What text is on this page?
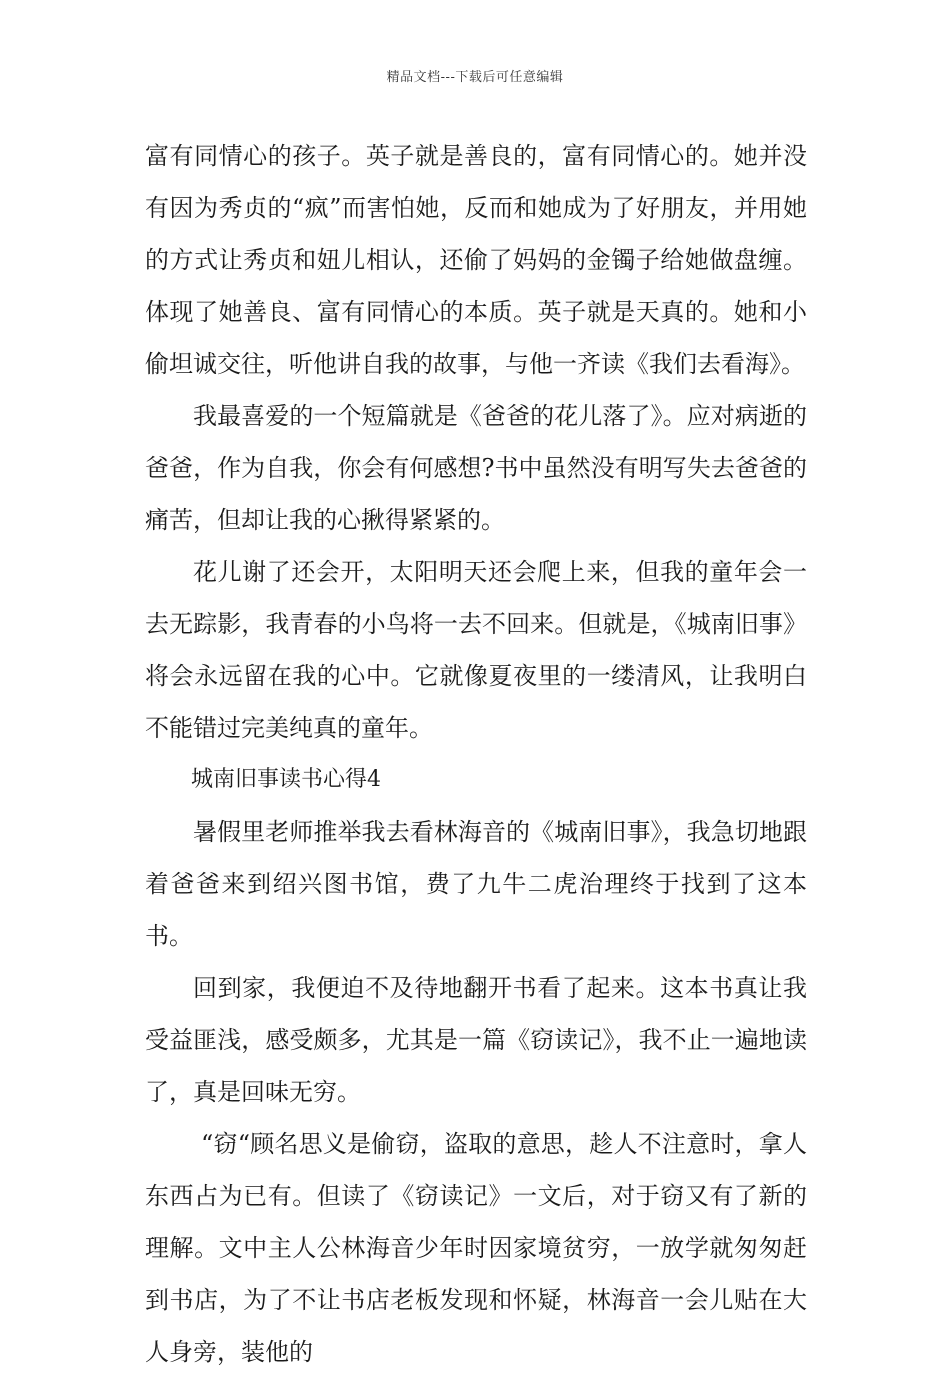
精品文档---下载后可任意编辑

富有同情心的孩子。英子就是善良的，富有同情心的。她并没有因为秀贞的“疯”而害怕她，反而和她成为了好朋友，并用她的方式让秀贞和妞儿相认，还偷了妈妈的金镯子给她做盘缠。体现了她善良、富有同情心的本质。英子就是天真的。她和小偷坦诚交往，听他讲自我的故事，与他一齐读《我们去看海》。

我最喜爱的一个短篇就是《爸爸的花儿落了》。应对病逝的爸爸，作为自我，你会有何感想?书中虽然没有明写失去爸爸的痛苦，但却让我的心揪得紧紧的。

花儿谢了还会开，太阳明天还会爬上来，但我的童年会一去无踪影，我青春的小鸟将一去不回来。但就是，《城南旧事》将会永远留在我的心中。它就像夏夜里的一缕清风，让我明白不能错过完美纯真的童年。

城南旧事读书心得4

暑假里老师推举我去看林海音的《城南旧事》，我急切地跟着爸爸来到绍兴图书馆，费了九牛二虎治理终于找到了这本书。

回到家，我便迫不及待地翻开书看了起来。这本书真让我受益匪浅，感受颇多，尤其是一篇《窃读记》，我不止一遍地读了，真是回味无穷。

“窃“顾名思义是偷窃，盗取的意思，趁人不注意时，拿人东西占为已有。但读了《窃读记》一文后，对于窃又有了新的理解。文中主人公林海音少年时因家境贫穷，一放学就匆匆赶到书店，为了不让书店老板发现和怀疑，林海音一会儿贴在大人身旁，装他的
